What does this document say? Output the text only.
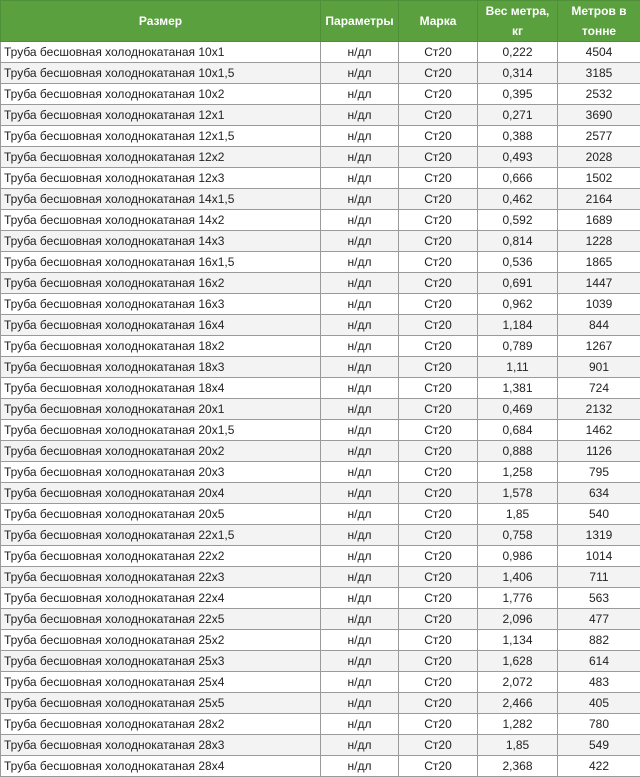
Размер	Параметры	Марка	Вес метра, кг	Метров в тонне
Труба бесшовная холоднокатаная 10х1	н/дл	Ст20	0,222	4504
Труба бесшовная холоднокатаная 10х1,5	н/дл	Ст20	0,314	3185
Труба бесшовная холоднокатаная 10х2	н/дл	Ст20	0,395	2532
Труба бесшовная холоднокатаная 12х1	н/дл	Ст20	0,271	3690
Труба бесшовная холоднокатаная 12х1,5	н/дл	Ст20	0,388	2577
Труба бесшовная холоднокатаная 12х2	н/дл	Ст20	0,493	2028
Труба бесшовная холоднокатаная 12х3	н/дл	Ст20	0,666	1502
Труба бесшовная холоднокатаная 14х1,5	н/дл	Ст20	0,462	2164
Труба бесшовная холоднокатаная 14х2	н/дл	Ст20	0,592	1689
Труба бесшовная холоднокатаная 14х3	н/дл	Ст20	0,814	1228
Труба бесшовная холоднокатаная 16х1,5	н/дл	Ст20	0,536	1865
Труба бесшовная холоднокатаная 16х2	н/дл	Ст20	0,691	1447
Труба бесшовная холоднокатаная 16х3	н/дл	Ст20	0,962	1039
Труба бесшовная холоднокатаная 16х4	н/дл	Ст20	1,184	844
Труба бесшовная холоднокатаная 18х2	н/дл	Ст20	0,789	1267
Труба бесшовная холоднокатаная 18х3	н/дл	Ст20	1,11	901
Труба бесшовная холоднокатаная 18х4	н/дл	Ст20	1,381	724
Труба бесшовная холоднокатаная 20х1	н/дл	Ст20	0,469	2132
Труба бесшовная холоднокатаная 20х1,5	н/дл	Ст20	0,684	1462
Труба бесшовная холоднокатаная 20х2	н/дл	Ст20	0,888	1126
Труба бесшовная холоднокатаная 20х3	н/дл	Ст20	1,258	795
Труба бесшовная холоднокатаная 20х4	н/дл	Ст20	1,578	634
Труба бесшовная холоднокатаная 20х5	н/дл	Ст20	1,85	540
Труба бесшовная холоднокатаная 22х1,5	н/дл	Ст20	0,758	1319
Труба бесшовная холоднокатаная 22х2	н/дл	Ст20	0,986	1014
Труба бесшовная холоднокатаная 22х3	н/дл	Ст20	1,406	711
Труба бесшовная холоднокатаная 22х4	н/дл	Ст20	1,776	563
Труба бесшовная холоднокатаная 22х5	н/дл	Ст20	2,096	477
Труба бесшовная холоднокатаная 25х2	н/дл	Ст20	1,134	882
Труба бесшовная холоднокатаная 25х3	н/дл	Ст20	1,628	614
Труба бесшовная холоднокатаная 25х4	н/дл	Ст20	2,072	483
Труба бесшовная холоднокатаная 25х5	н/дл	Ст20	2,466	405
Труба бесшовная холоднокатаная 28х2	н/дл	Ст20	1,282	780
Труба бесшовная холоднокатаная 28х3	н/дл	Ст20	1,85	549
Труба бесшовная холоднокатаная 28х4	н/дл	Ст20	2,368	422
